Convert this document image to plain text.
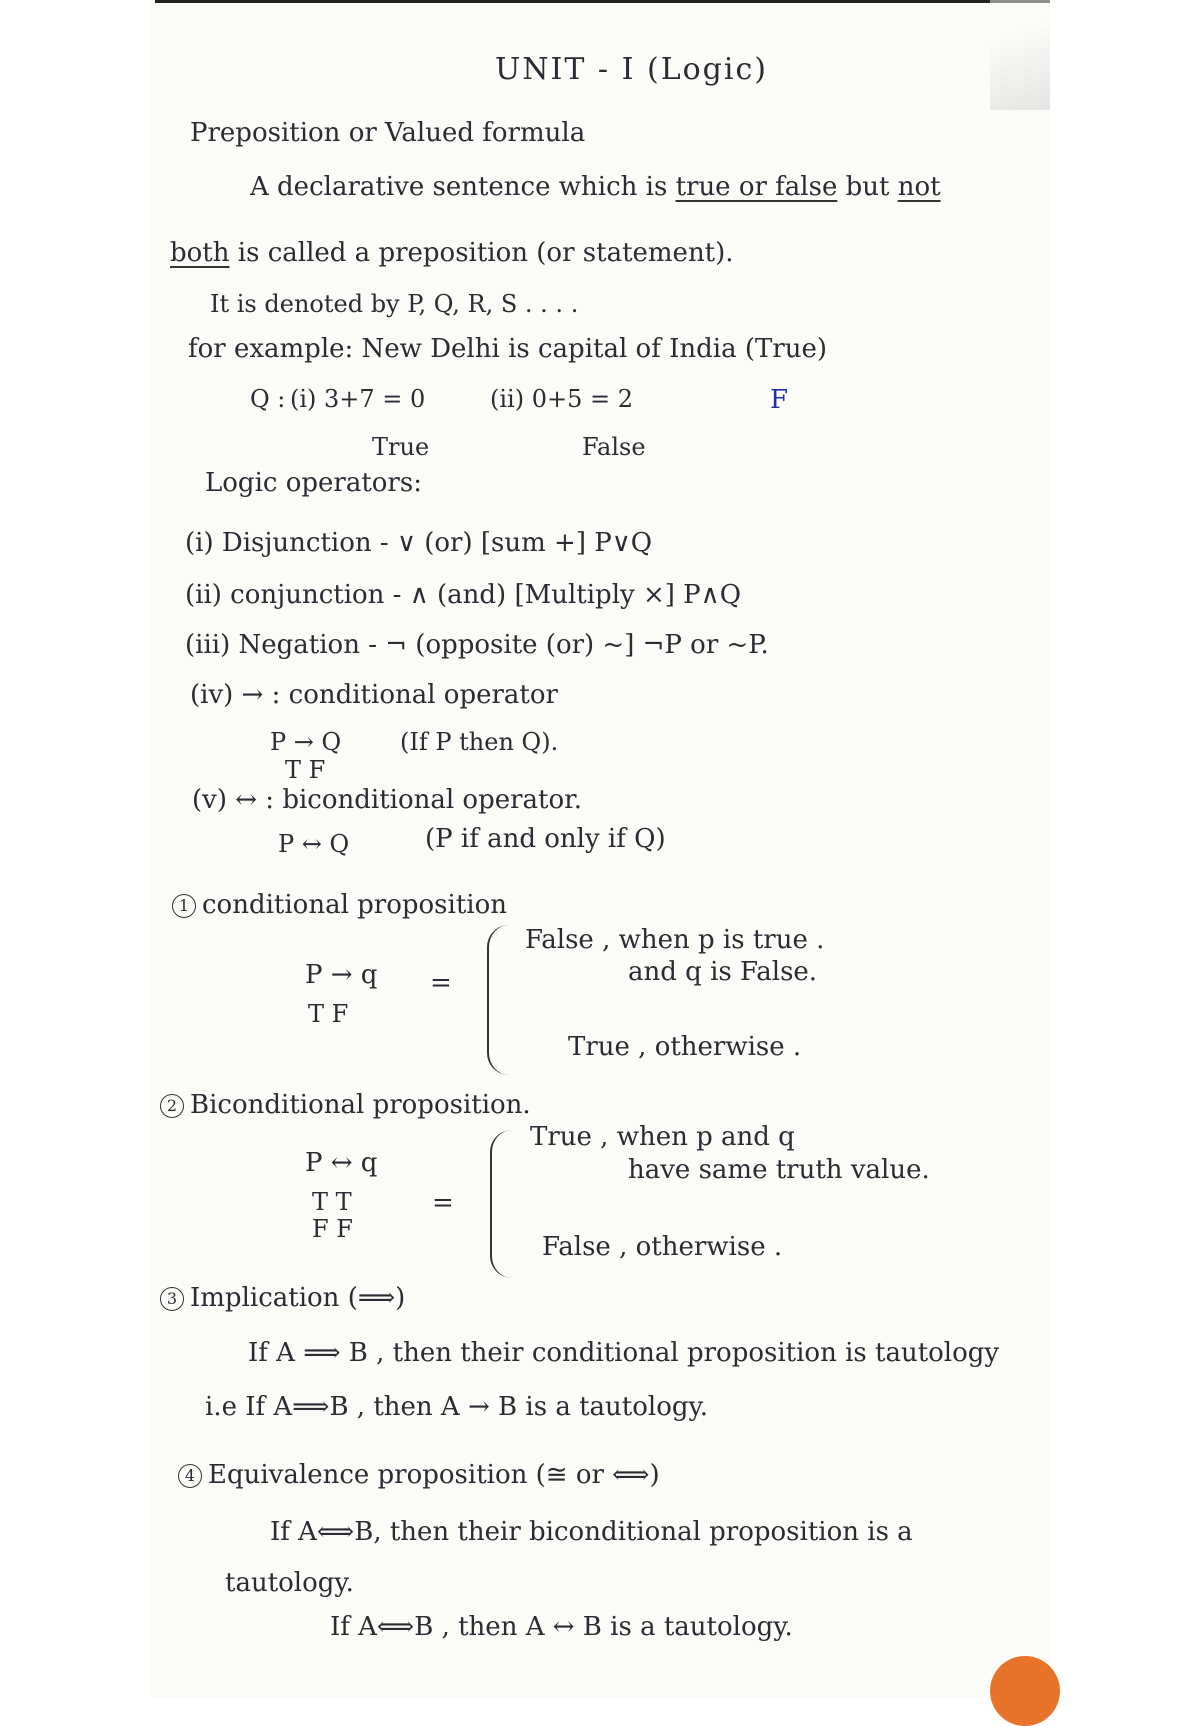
UNIT - I (Logic)
Preposition or Valued formula
A declarative sentence which is true or false but not
both is called a preposition (or statement).
It is denoted by P, Q, R, S . . . .
for example: New Delhi is capital of India (True)
Q : (i) 3+7 = 0	(ii) 0+5 = 2	F
True	False
Logic operators:
(i) Disjunction - ∨ (or) [sum +] P∨Q
(ii) conjunction - ∧ (and) [Multiply ×] P∧Q
(iii) Negation - ¬ (opposite (or) ~] ¬P or ~P.
(iv) → : conditional operator
P → Q (If P then Q).
T F
(v) ↔ : biconditional operator.
P ↔ Q	(P if and only if Q)
1 conditional proposition
P → q
T F
=
False , when p is true .
and q is False.
True , otherwise .
2 Biconditional proposition.
P ↔ q
T T
F F
=
True , when p and q
have same truth value.
False , otherwise .
3 Implication (⟹)
If A ⟹ B , then their conditional proposition is tautology
i.e If A⟹B , then A → B is a tautology.
4 Equivalence proposition (≅ or ⟺)
If A⟺B, then their biconditional proposition is a
tautology.
If A⟺B , then A ↔ B is a tautology.
